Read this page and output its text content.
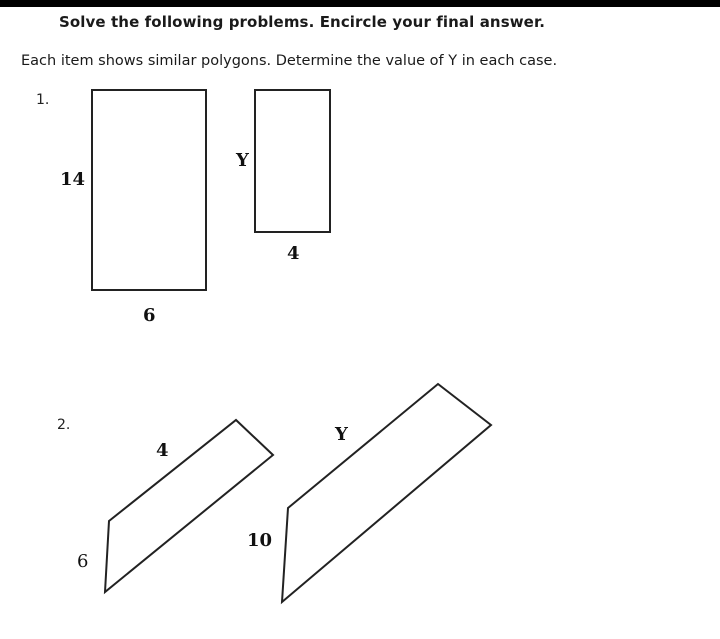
Solve the following problems. Encircle your final answer.
Each item shows similar polygons. Determine the value of Y in each case.
1.
2.
14
6
Y
4
6
4
10
Y
